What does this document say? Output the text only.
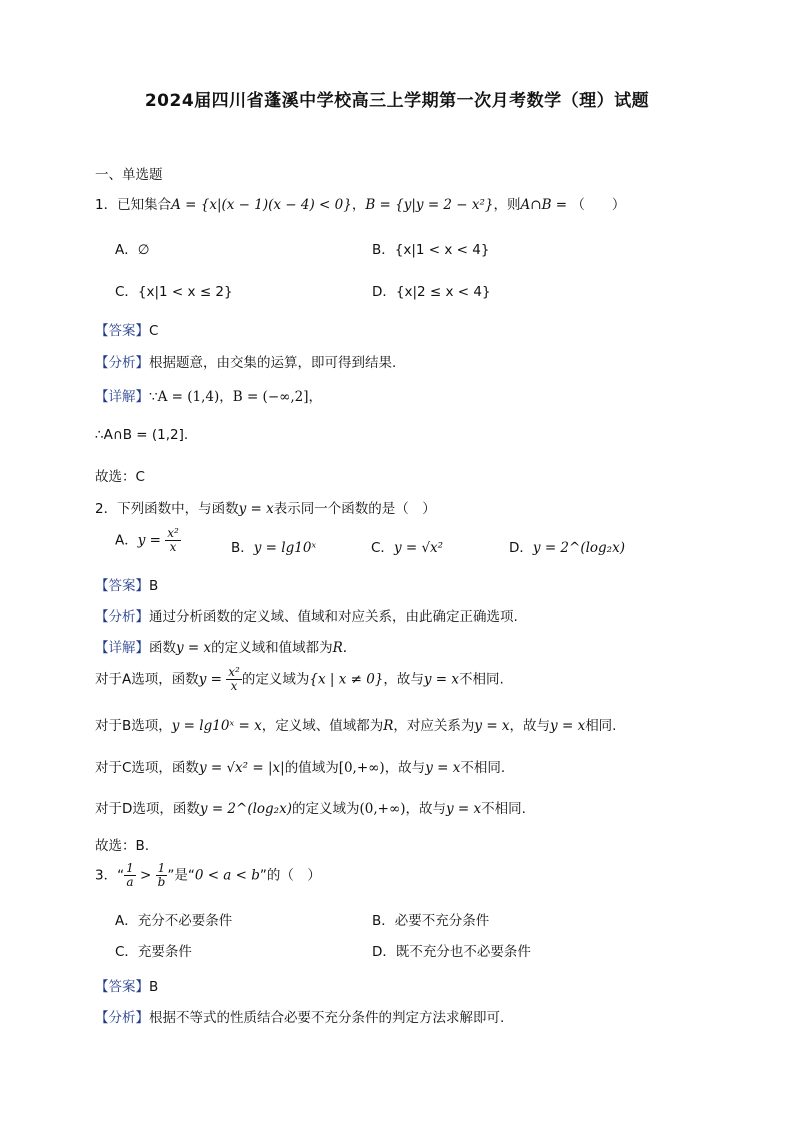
2024届四川省蓬溪中学校高三上学期第一次月考数学（理）试题
一、单选题
1．已知集合A = {x|(x − 1)(x − 4) < 0}，B = {y|y = 2 − x²}，则A∩B = （　　）
A．∅	B．{x|1 < x < 4}
C．{x|1 < x ≤ 2}	D．{x|2 ≤ x < 4}
【答案】C
【分析】根据题意，由交集的运算，即可得到结果.
【详解】∵A = (1,4)，B = (−∞,2]，
∴A∩B = (1,2].
故选：C
2．下列函数中，与函数y = x表示同一个函数的是（　）
A．$y = \frac{\text{x²}}{x}$	B．y = lg10ˣ	C．y = √x²	D．y = 2^(log₂x)
【答案】B
【分析】通过分析函数的定义域、值域和对应关系，由此确定正确选项.
【详解】函数y = x的定义域和值域都为R.
对于A选项，函数$y = \frac{\text{x²}}{x}$ 的定义域为{x | x ≠ 0}，故与y = x不相同.
对于B选项，y = lg10ˣ = x，定义域、值域都为R，对应关系为y = x，故与y = x相同.
对于C选项，函数y = √x² = |x|的值域为[0,+∞)，故与y = x不相同.
对于D选项，函数y = 2^(log₂x)的定义域为(0,+∞)，故与y = x不相同.
故选：B.
3．“ $\frac{1}{a} > \frac{1}{b}$ ”是“0 < a < b”的（　）
A．充分不必要条件	B．必要不充分条件
C．充要条件	D．既不充分也不必要条件
【答案】B
【分析】根据不等式的性质结合必要不充分条件的判定方法求解即可.
